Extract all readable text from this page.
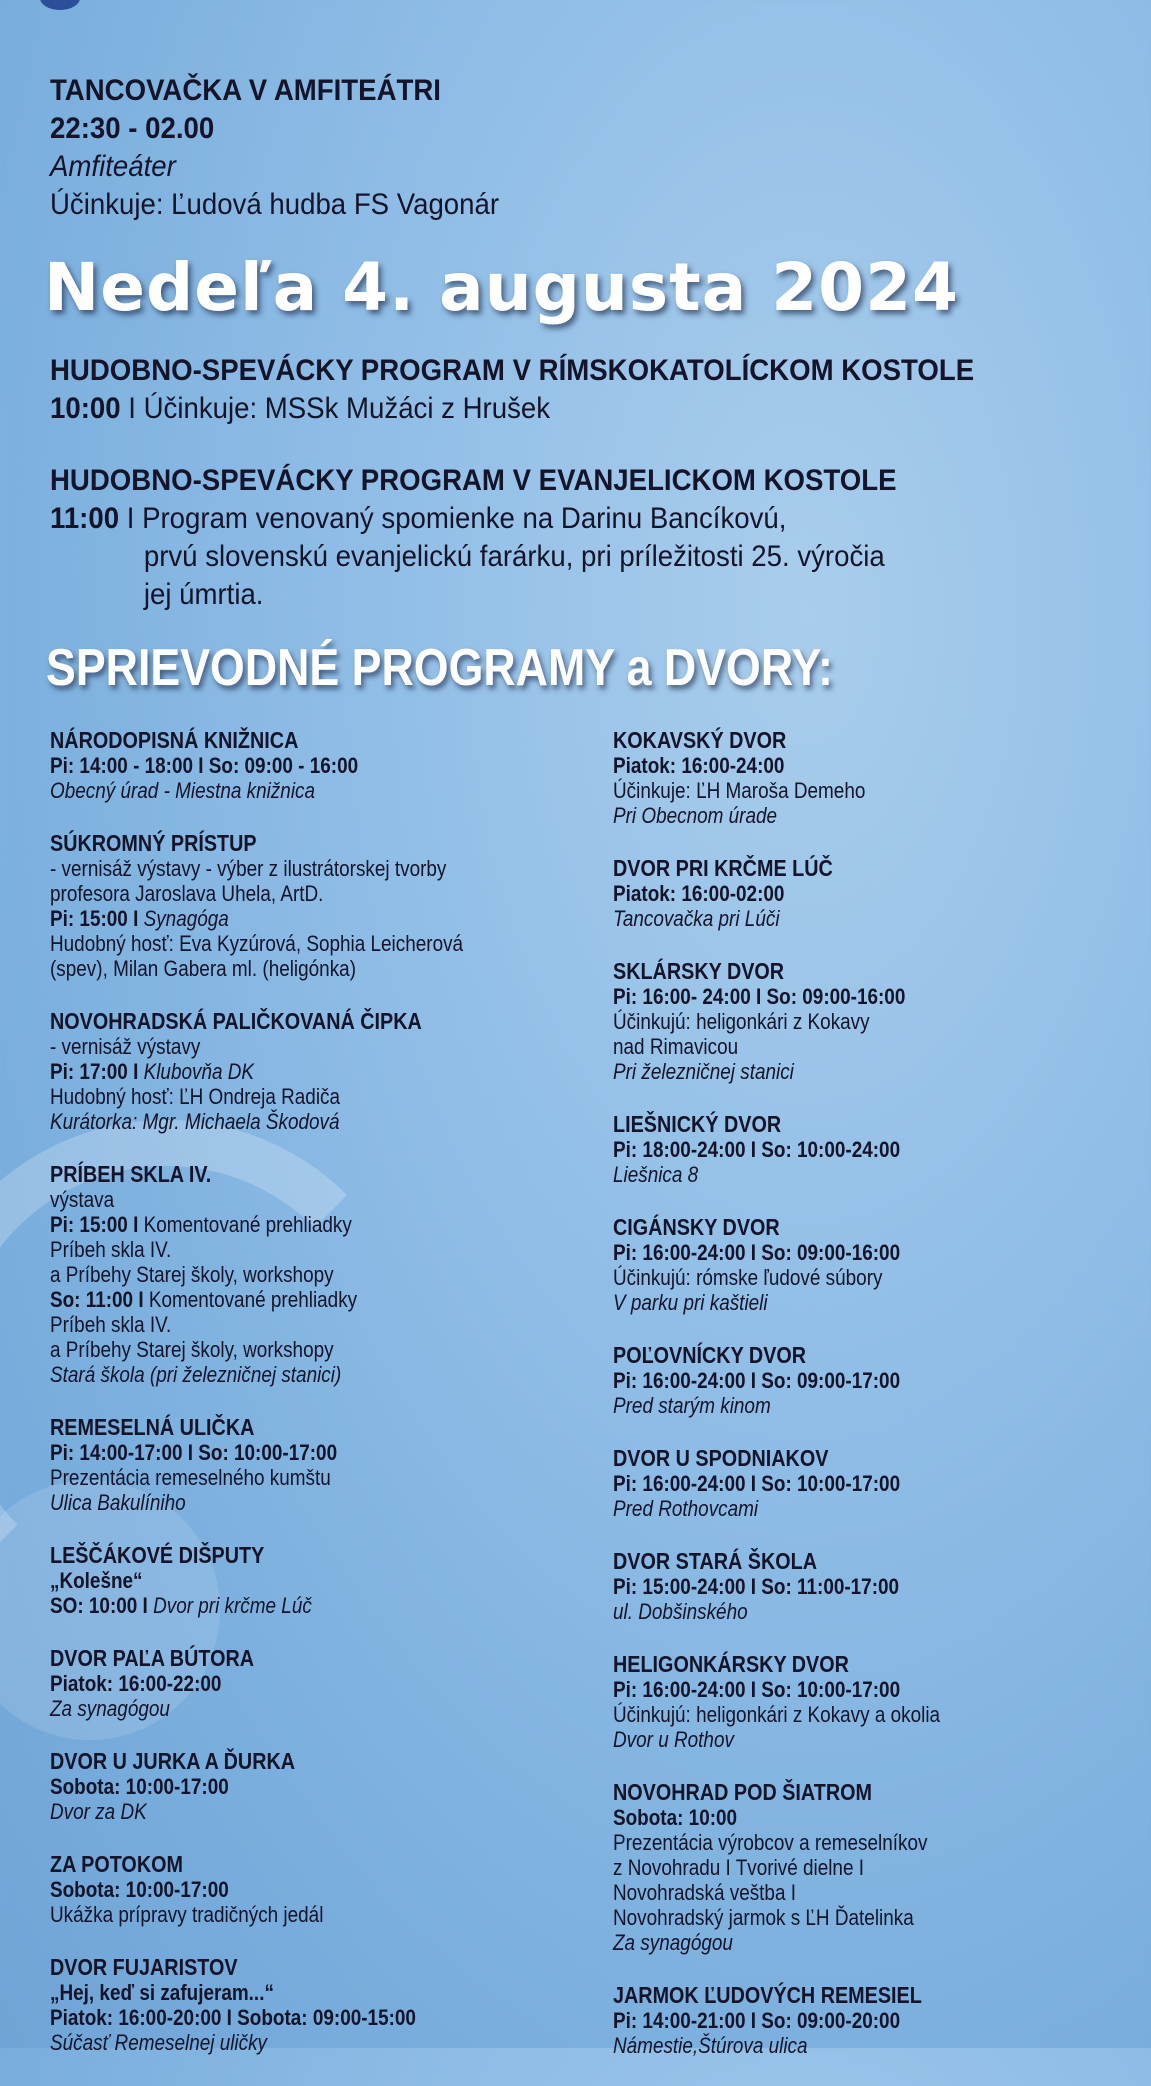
TANCOVAČKA V AMFITEÁTRI
22:30 - 02.00
Amfiteáter
Účinkuje: Ľudová hudba FS Vagonár
Nedeľa 4. augusta 2024
HUDOBNO-SPEVÁCKY PROGRAM V RÍMSKOKATOLÍCKOM KOSTOLE
10:00 I Účinkuje: MSSk Mužáci z Hrušek
HUDOBNO-SPEVÁCKY PROGRAM V EVANJELICKOM KOSTOLE
11:00 I Program venovaný spomienke na Darinu Bancíkovú,
prvú slovenskú evanjelickú farárku, pri príležitosti 25. výročia
jej úmrtia.
SPRIEVODNÉ PROGRAMY a DVORY:
NÁRODOPISNÁ KNIŽNICA
Pi: 14:00 - 18:00 I So: 09:00 - 16:00
Obecný úrad - Miestna knižnica
SÚKROMNÝ PRÍSTUP
- vernisáž výstavy - výber z ilustrátorskej tvorby
profesora Jaroslava Uhela, ArtD.
Pi: 15:00 I Synagóga
Hudobný hosť: Eva Kyzúrová, Sophia Leicherová
(spev), Milan Gabera ml. (heligónka)
NOVOHRADSKÁ PALIČKOVANÁ ČIPKA
- vernisáž výstavy
Pi: 17:00 I Klubovňa DK
Hudobný hosť: ĽH Ondreja Radiča
Kurátorka: Mgr. Michaela Škodová
PRÍBEH SKLA IV.
výstava
Pi: 15:00 I Komentované prehliadky
Príbeh skla IV.
a Príbehy Starej školy, workshopy
So: 11:00 I Komentované prehliadky
Príbeh skla IV.
a Príbehy Starej školy, workshopy
Stará škola (pri železničnej stanici)
REMESELNÁ ULIČKA
Pi: 14:00-17:00 I So: 10:00-17:00
Prezentácia remeselného kumštu
Ulica Bakulíniho
LEŠČÁKOVÉ DIŠPUTY
„Kolešne“
SO: 10:00 I Dvor pri krčme Lúč
DVOR PAĽA BÚTORA
Piatok: 16:00-22:00
Za synagógou
DVOR U JURKA A ĎURKA
Sobota: 10:00-17:00
Dvor za DK
ZA POTOKOM
Sobota: 10:00-17:00
Ukážka prípravy tradičných jedál
DVOR FUJARISTOV
„Hej, keď si zafujeram...“
Piatok: 16:00-20:00 I Sobota: 09:00-15:00
Súčasť Remeselnej uličky
KOKAVSKÝ DVOR
Piatok: 16:00-24:00
Účinkuje: ĽH Maroša Demeho
Pri Obecnom úrade
DVOR PRI KRČME LÚČ
Piatok: 16:00-02:00
Tancovačka pri Lúči
SKLÁRSKY DVOR
Pi: 16:00- 24:00 I So: 09:00-16:00
Účinkujú: heligonkári z Kokavy
nad Rimavicou
Pri železničnej stanici
LIEŠNICKÝ DVOR
Pi: 18:00-24:00 I So: 10:00-24:00
Liešnica 8
CIGÁNSKY DVOR
Pi: 16:00-24:00 I So: 09:00-16:00
Účinkujú: rómske ľudové súbory
V parku pri kaštieli
POĽOVNÍCKY DVOR
Pi: 16:00-24:00 I So: 09:00-17:00
Pred starým kinom
DVOR U SPODNIAKOV
Pi: 16:00-24:00 I So: 10:00-17:00
Pred Rothovcami
DVOR STARÁ ŠKOLA
Pi: 15:00-24:00 I So: 11:00-17:00
ul. Dobšinského
HELIGONKÁRSKY DVOR
Pi: 16:00-24:00 I So: 10:00-17:00
Účinkujú: heligonkári z Kokavy a okolia
Dvor u Rothov
NOVOHRAD POD ŠIATROM
Sobota: 10:00
Prezentácia výrobcov a remeselníkov
z Novohradu I Tvorivé dielne I
Novohradská veštba I
Novohradský jarmok s ĽH Ďatelinka
Za synagógou
JARMOK ĽUDOVÝCH REMESIEL
Pi: 14:00-21:00 I So: 09:00-20:00
Námestie,Štúrova ulica
